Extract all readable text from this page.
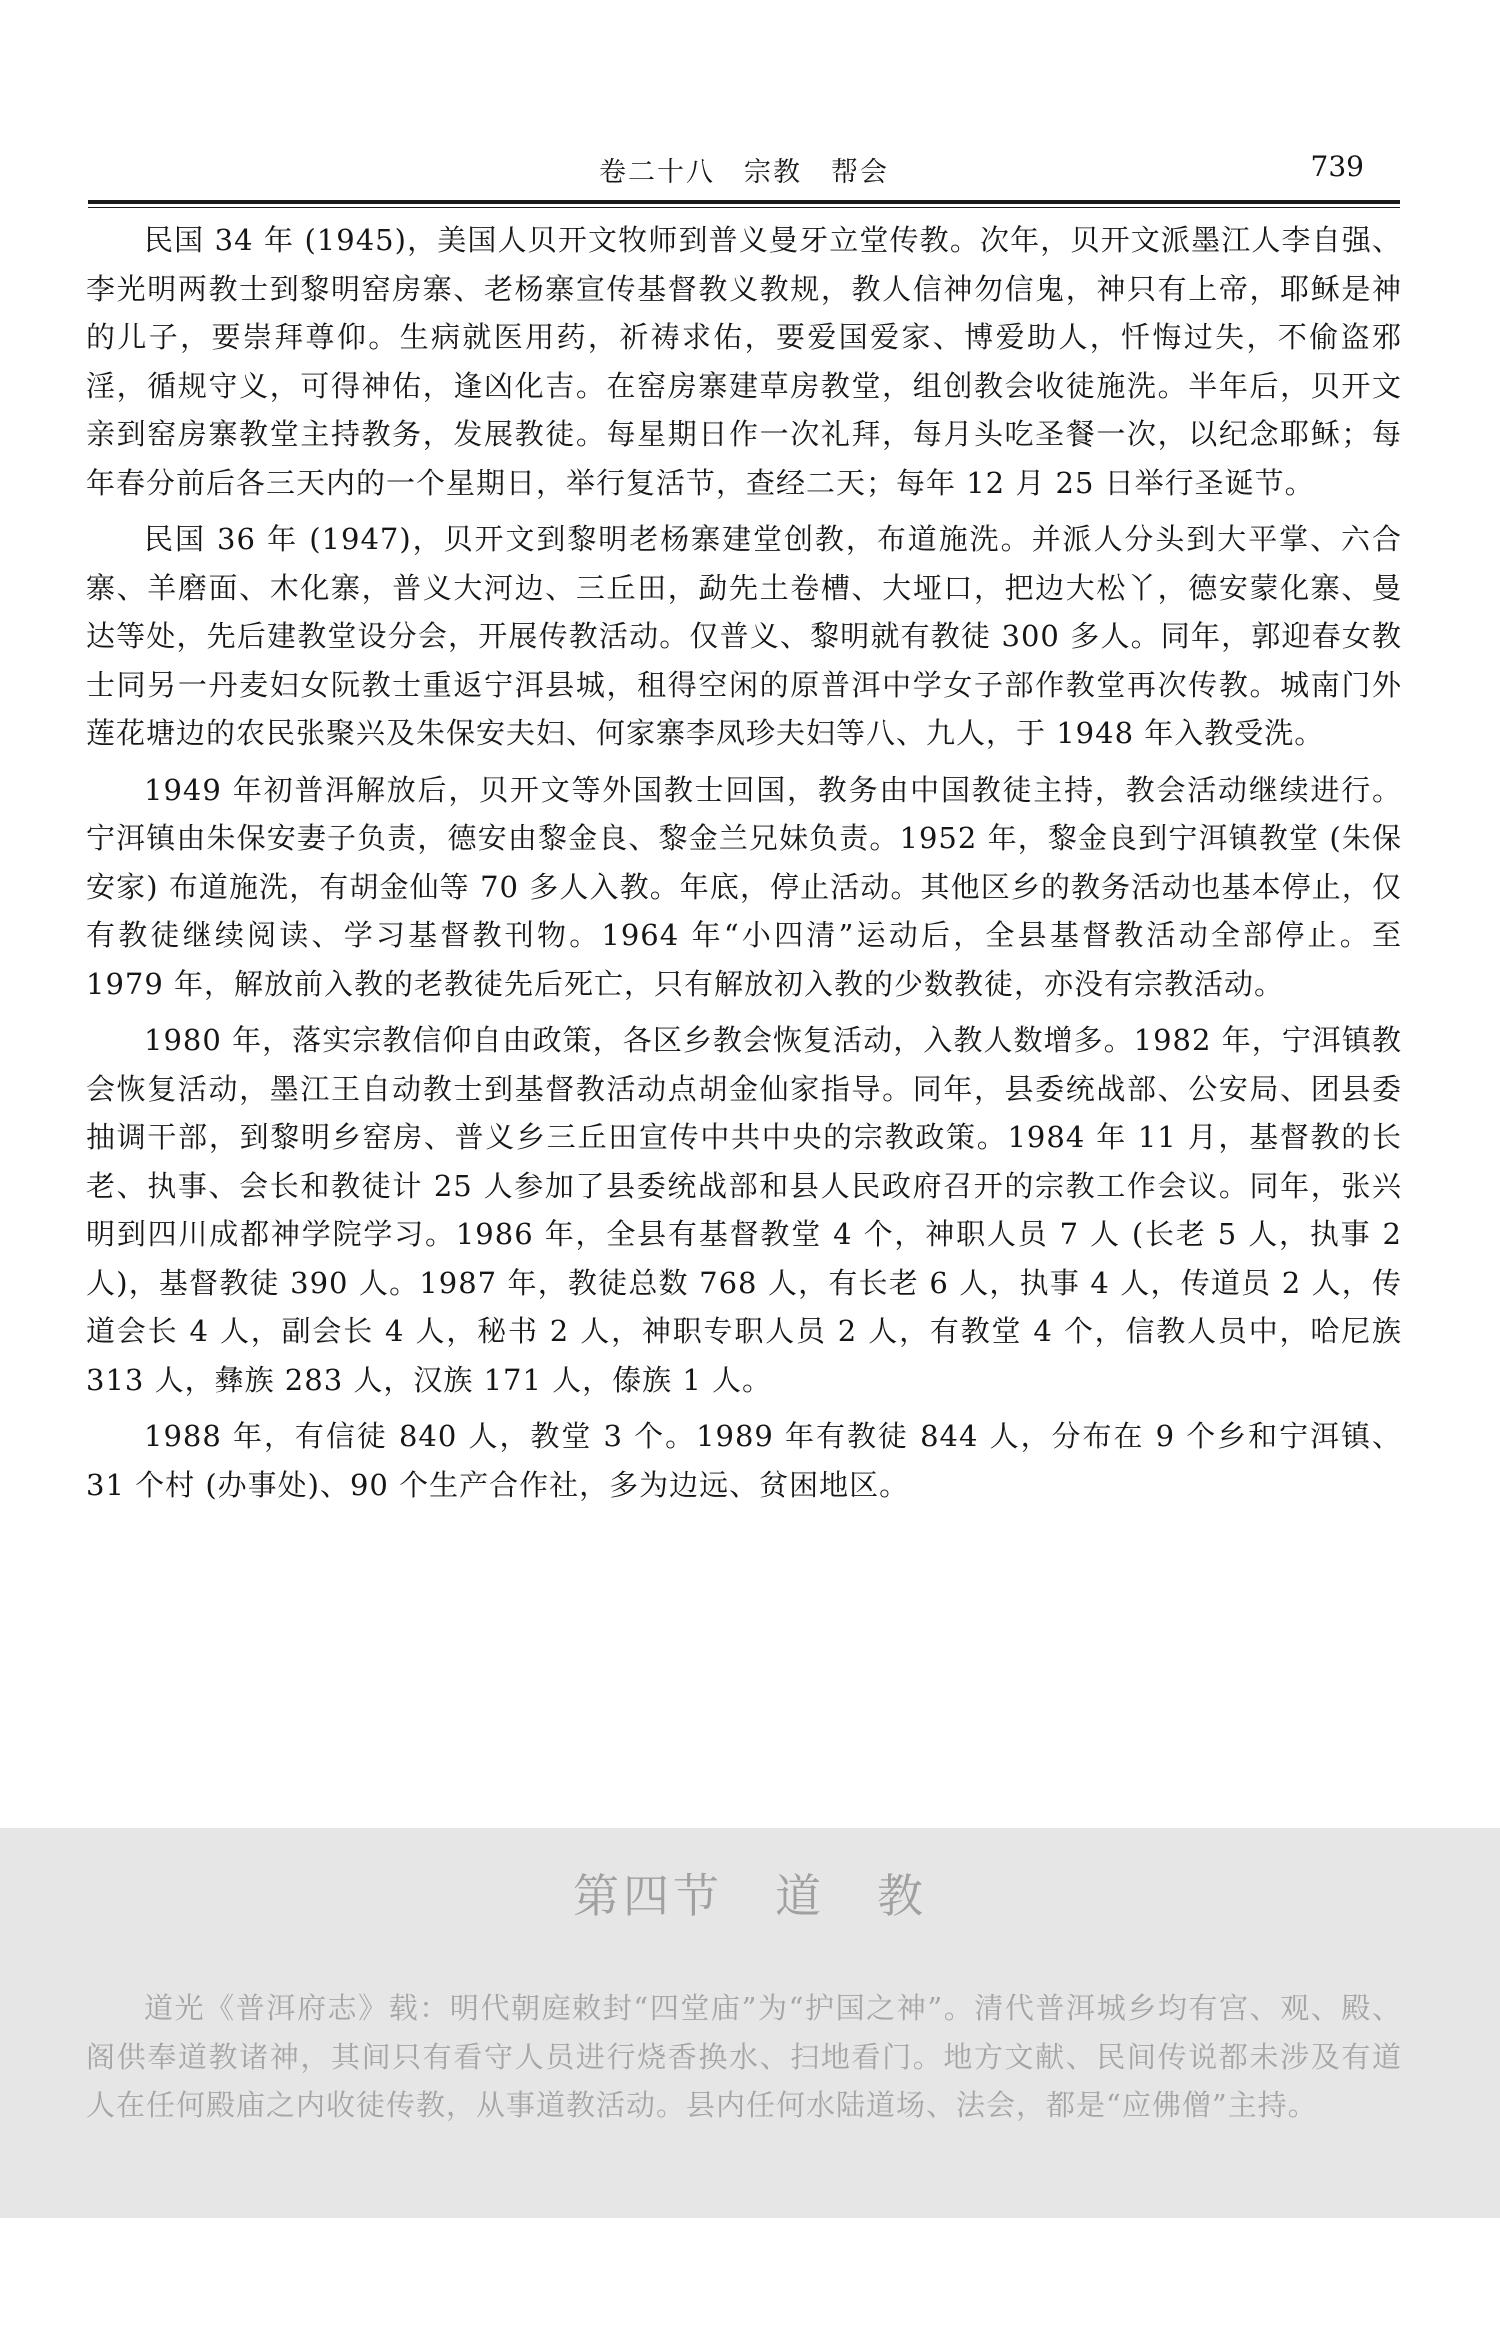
卷二十八　宗教　帮会	739

民国 34 年 (1945)，美国人贝开文牧师到普义曼牙立堂传教。次年，贝开文派墨江人李自强、李光明两教士到黎明窑房寨、老杨寨宣传基督教义教规，教人信神勿信鬼，神只有上帝，耶稣是神的儿子，要崇拜尊仰。生病就医用药，祈祷求佑，要爱国爱家、博爱助人，忏悔过失，不偷盗邪淫，循规守义，可得神佑，逢凶化吉。在窑房寨建草房教堂，组创教会收徒施洗。半年后，贝开文亲到窑房寨教堂主持教务，发展教徒。每星期日作一次礼拜，每月头吃圣餐一次，以纪念耶稣；每年春分前后各三天内的一个星期日，举行复活节，查经二天；每年 12 月 25 日举行圣诞节。

民国 36 年 (1947)，贝开文到黎明老杨寨建堂创教，布道施洗。并派人分头到大平掌、六合寨、羊磨面、木化寨，普义大河边、三丘田，勐先土卷槽、大垭口，把边大松丫，德安蒙化寨、曼达等处，先后建教堂设分会，开展传教活动。仅普义、黎明就有教徒 300 多人。同年，郭迎春女教士同另一丹麦妇女阮教士重返宁洱县城，租得空闲的原普洱中学女子部作教堂再次传教。城南门外莲花塘边的农民张聚兴及朱保安夫妇、何家寨李凤珍夫妇等八、九人，于 1948 年入教受洗。

1949 年初普洱解放后，贝开文等外国教士回国，教务由中国教徒主持，教会活动继续进行。宁洱镇由朱保安妻子负责，德安由黎金良、黎金兰兄妹负责。1952 年，黎金良到宁洱镇教堂 (朱保安家) 布道施洗，有胡金仙等 70 多人入教。年底，停止活动。其他区乡的教务活动也基本停止，仅有教徒继续阅读、学习基督教刊物。1964 年“小四清”运动后，全县基督教活动全部停止。至 1979 年，解放前入教的老教徒先后死亡，只有解放初入教的少数教徒，亦没有宗教活动。

1980 年，落实宗教信仰自由政策，各区乡教会恢复活动，入教人数增多。1982 年，宁洱镇教会恢复活动，墨江王自动教士到基督教活动点胡金仙家指导。同年，县委统战部、公安局、团县委抽调干部，到黎明乡窑房、普义乡三丘田宣传中共中央的宗教政策。1984 年 11 月，基督教的长老、执事、会长和教徒计 25 人参加了县委统战部和县人民政府召开的宗教工作会议。同年，张兴明到四川成都神学院学习。1986 年，全县有基督教堂 4 个，神职人员 7 人 (长老 5 人，执事 2 人)，基督教徒 390 人。1987 年，教徒总数 768 人，有长老 6 人，执事 4 人，传道员 2 人，传道会长 4 人，副会长 4 人，秘书 2 人，神职专职人员 2 人，有教堂 4 个，信教人员中，哈尼族 313 人，彝族 283 人，汉族 171 人，傣族 1 人。

1988 年，有信徒 840 人，教堂 3 个。1989 年有教徒 844 人，分布在 9 个乡和宁洱镇、31 个村 (办事处)、90 个生产合作社，多为边远、贫困地区。

第四节 道 教

道光《普洱府志》载：明代朝庭敕封“四堂庙”为“护国之神”。清代普洱城乡均有宫、观、殿、阁供奉道教诸神，其间只有看守人员进行烧香换水、扫地看门。地方文献、民间传说都未涉及有道人在任何殿庙之内收徒传教，从事道教活动。县内任何水陆道场、法会，都是“应佛僧”主持。
